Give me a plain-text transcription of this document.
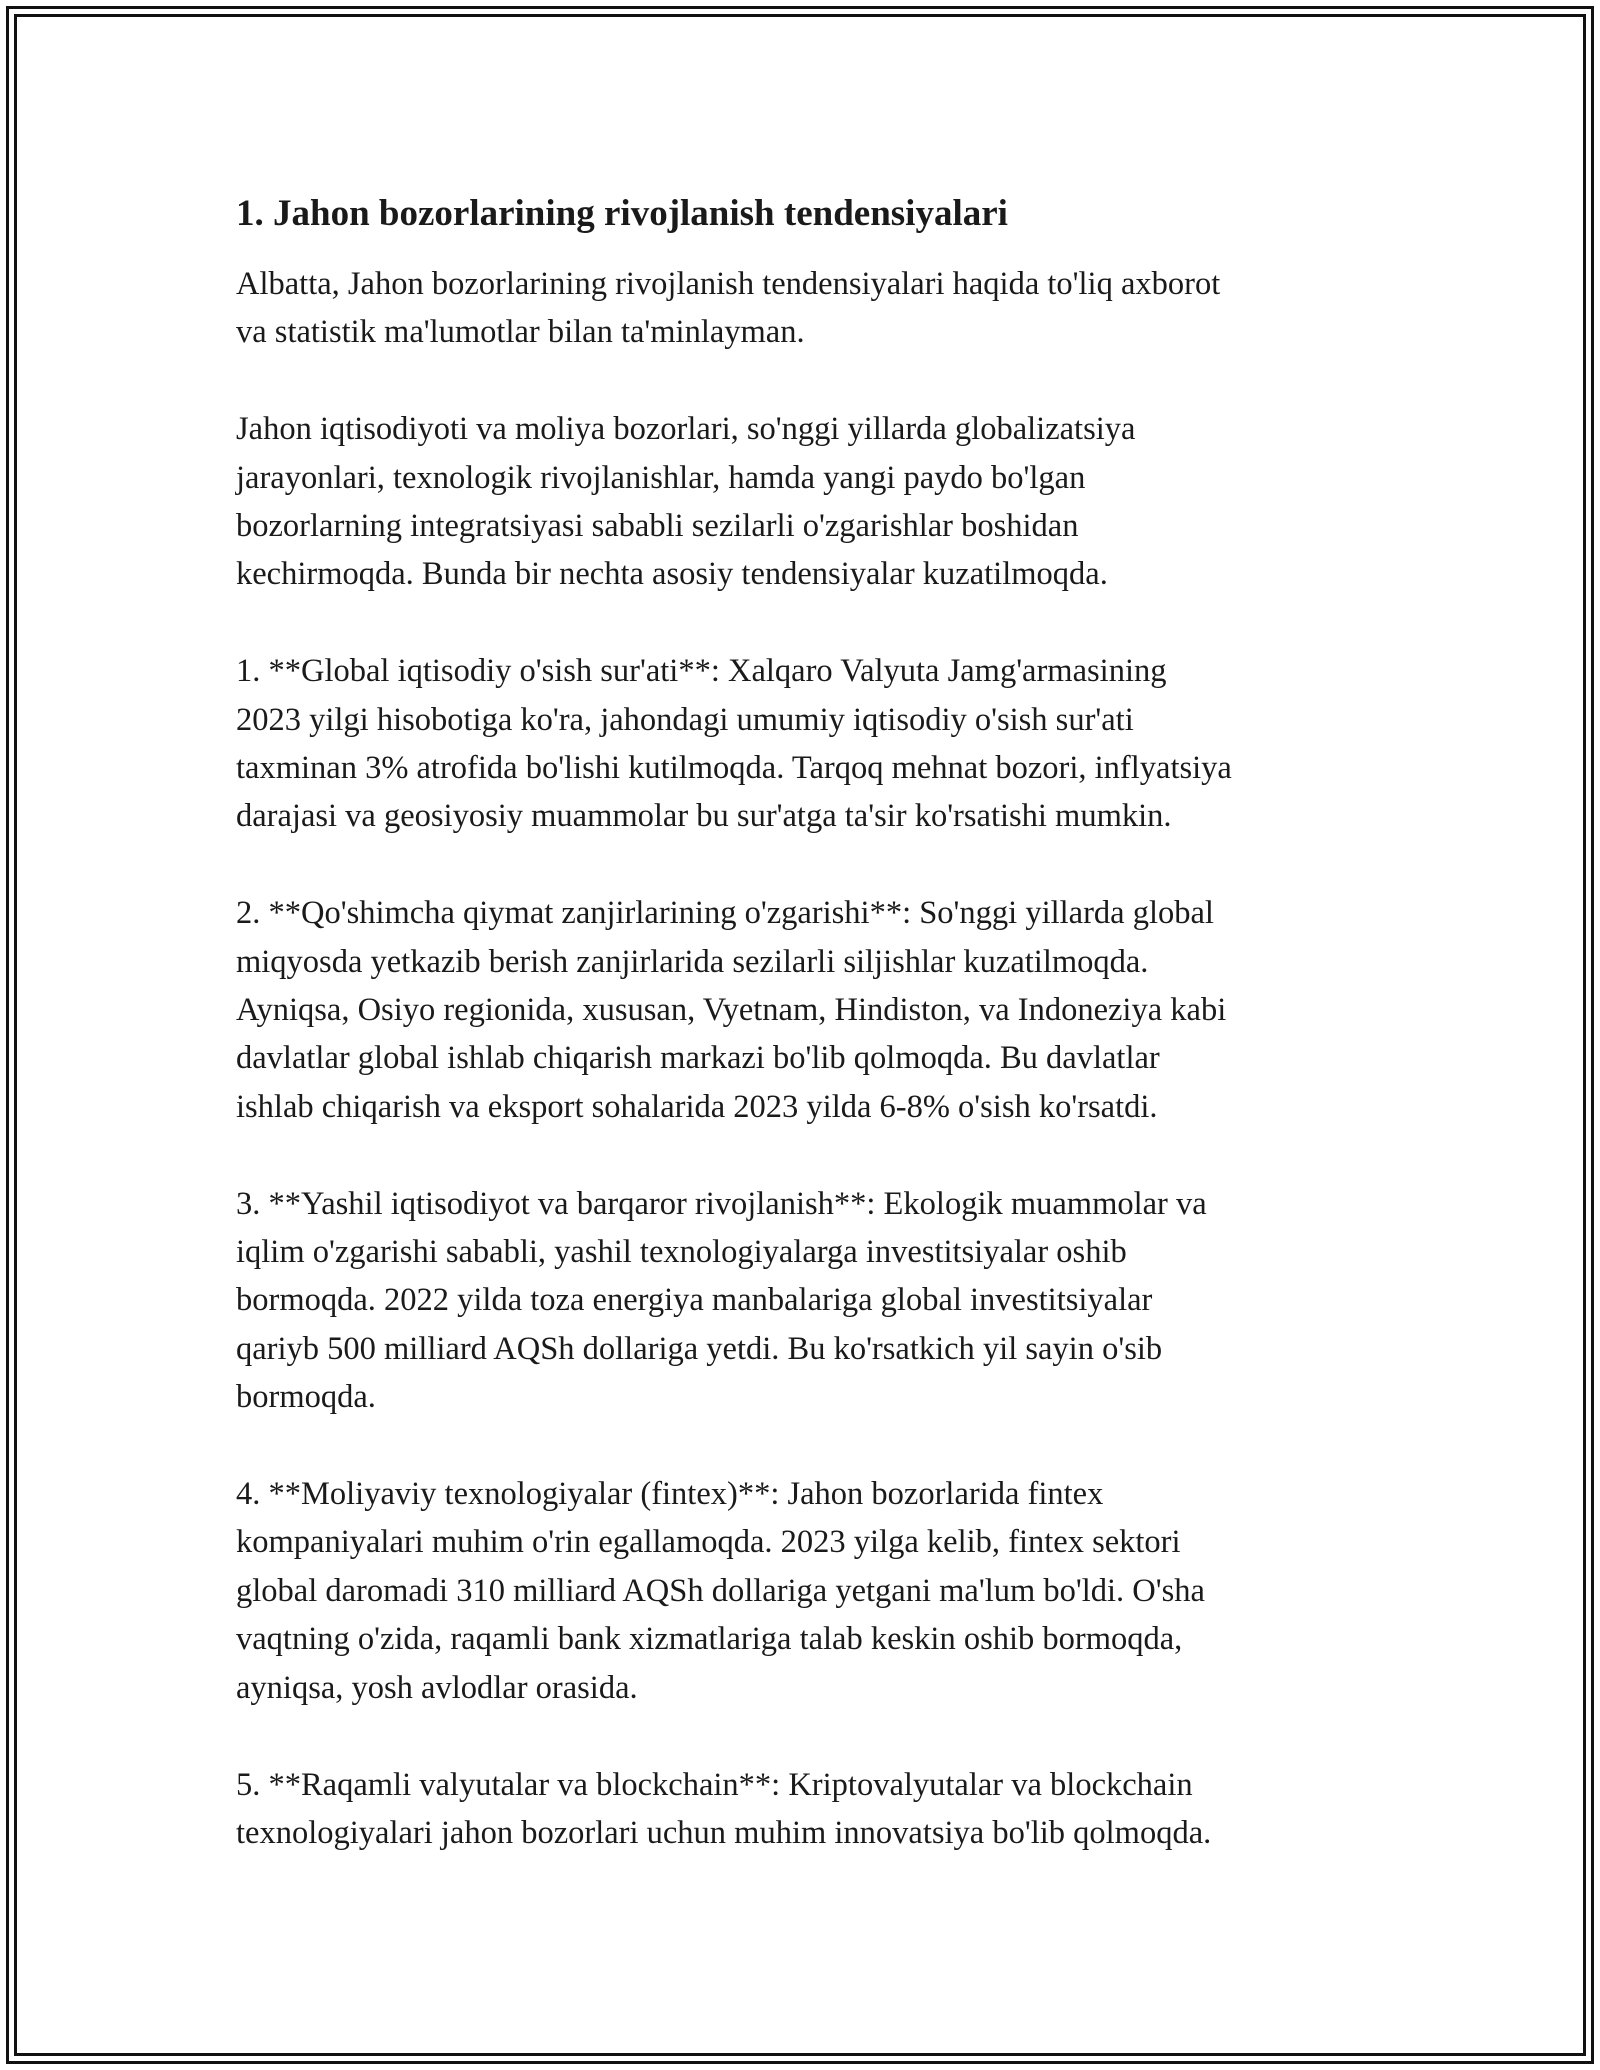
1. Jahon bozorlarining rivojlanish tendensiyalari

Albatta, Jahon bozorlarining rivojlanish tendensiyalari haqida to'liq axborot
va statistik ma'lumotlar bilan ta'minlayman.

Jahon iqtisodiyoti va moliya bozorlari, so'nggi yillarda globalizatsiya
jarayonlari, texnologik rivojlanishlar, hamda yangi paydo bo'lgan
bozorlarning integratsiyasi sababli sezilarli o'zgarishlar boshidan
kechirmoqda. Bunda bir nechta asosiy tendensiyalar kuzatilmoqda.

1. **Global iqtisodiy o'sish sur'ati**: Xalqaro Valyuta Jamg'armasining
2023 yilgi hisobotiga ko'ra, jahondagi umumiy iqtisodiy o'sish sur'ati
taxminan 3% atrofida bo'lishi kutilmoqda. Tarqoq mehnat bozori, inflyatsiya
darajasi va geosiyosiy muammolar bu sur'atga ta'sir ko'rsatishi mumkin.

2. **Qo'shimcha qiymat zanjirlarining o'zgarishi**: So'nggi yillarda global
miqyosda yetkazib berish zanjirlarida sezilarli siljishlar kuzatilmoqda.
Ayniqsa, Osiyo regionida, xususan, Vyetnam, Hindiston, va Indoneziya kabi
davlatlar global ishlab chiqarish markazi bo'lib qolmoqda. Bu davlatlar
ishlab chiqarish va eksport sohalarida 2023 yilda 6-8% o'sish ko'rsatdi.

3. **Yashil iqtisodiyot va barqaror rivojlanish**: Ekologik muammolar va
iqlim o'zgarishi sababli, yashil texnologiyalarga investitsiyalar oshib
bormoqda. 2022 yilda toza energiya manbalariga global investitsiyalar
qariyb 500 milliard AQSh dollariga yetdi. Bu ko'rsatkich yil sayin o'sib
bormoqda.

4. **Moliyaviy texnologiyalar (fintex)**: Jahon bozorlarida fintex
kompaniyalari muhim o'rin egallamoqda. 2023 yilga kelib, fintex sektori
global daromadi 310 milliard AQSh dollariga yetgani ma'lum bo'ldi. O'sha
vaqtning o'zida, raqamli bank xizmatlariga talab keskin oshib bormoqda,
ayniqsa, yosh avlodlar orasida.

5. **Raqamli valyutalar va blockchain**: Kriptovalyutalar va blockchain
texnologiyalari jahon bozorlari uchun muhim innovatsiya bo'lib qolmoqda.
